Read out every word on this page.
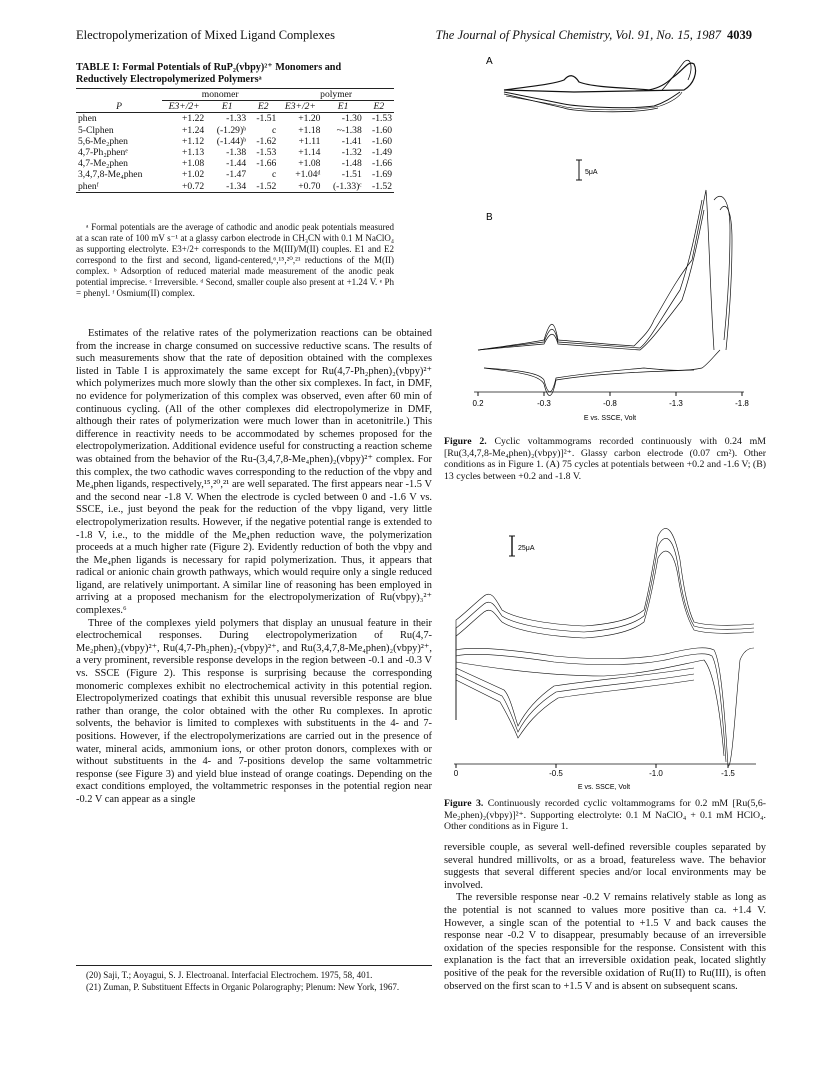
Electropolymerization of Mixed Ligand Complexes	The Journal of Physical Chemistry, Vol. 91, No. 15, 1987 4039
TABLE I: Formal Potentials of RuP₂(vbpy)²⁺ Monomers and Reductively Electropolymerized Polymersᵃ
	monomer			polymer		
P	E3+/2+	E1	E2	E3+/2+	E1	E2
phen	+1.22	-1.33	-1.51	+1.20	-1.30	-1.53
5-Clphen	+1.24	(-1.29)ᵇ	c	+1.18	~-1.38	-1.60
5,6-Me₂phen	+1.12	(-1.44)ᵇ	-1.62	+1.11	-1.41	-1.60
4,7-Ph₂phenᵉ	+1.13	-1.38	-1.53	+1.14	-1.32	-1.49
4,7-Me₂phen	+1.08	-1.44	-1.66	+1.08	-1.48	-1.66
3,4,7,8-Me₄phen	+1.02	-1.47	c	+1.04ᵈ	-1.51	-1.69
phenᶠ	+0.72	-1.34	-1.52	+0.70	(-1.33)ᶜ	-1.52
ᵃ Formal potentials are the average of cathodic and anodic peak potentials measured at a scan rate of 100 mV s⁻¹ at a glassy carbon electrode in CH₃CN with 0.1 M NaClO₄ as supporting electrolyte. E3+/2+ corresponds to the M(III)/M(II) couples. E1 and E2 correspond to the first and second, ligand-centered,⁶,¹⁵,²⁰,²¹ reductions of the M(II) complex. ᵇ Adsorption of reduced material made measurement of the anodic peak potential imprecise. ᶜ Irreversible. ᵈ Second, smaller couple also present at +1.24 V. ᵉ Ph = phenyl. ᶠ Osmium(II) complex.

Estimates of the relative rates of the polymerization reactions can be obtained from the increase in charge consumed on successive reductive scans. The results of such measurements show that the rate of deposition obtained with the complexes listed in Table I is approximately the same except for Ru(4,7-Ph₂phen)₂(vbpy)²⁺ which polymerizes much more slowly than the other six complexes. In fact, in DMF, no evidence for polymerization of this complex was observed, even after 60 min of continuous cycling. (All of the other complexes did electropolymerize in DMF, although their rates of polymerization were much lower than in acetonitrile.) This difference in reactivity needs to be accommodated by schemes proposed for the electropolymerization. Additional evidence useful for constructing a reaction scheme was obtained from the behavior of the Ru-(3,4,7,8-Me₄phen)₂(vbpy)²⁺ complex. For this complex, the two cathodic waves corresponding to the reduction of the vbpy and Me₄phen ligands, respectively,¹⁵,²⁰,²¹ are well separated. The first appears near -1.5 V and the second near -1.8 V. When the electrode is cycled between 0 and -1.6 V vs. SSCE, i.e., just beyond the peak for the reduction of the vbpy ligand, very little electropolymerization results. However, if the negative potential range is extended to -1.8 V, i.e., to the middle of the Me₄phen reduction wave, the polymerization proceeds at a much higher rate (Figure 2). Evidently reduction of both the vbpy and the Me₄phen ligands is necessary for rapid polymerization. Thus, it appears that radical or anionic chain growth pathways, which would require only a single reduced ligand, are relatively unimportant. A similar line of reasoning has been employed in arriving at a proposed mechanism for the electropolymerization of Ru(vbpy)₃²⁺ complexes.⁶

Three of the complexes yield polymers that display an unusual feature in their electrochemical responses. During electropolymerization of Ru(4,7-Me₂phen)₂(vbpy)²⁺, Ru(4,7-Ph₂phen)₂-(vbpy)²⁺, and Ru(3,4,7,8-Me₄phen)₂(vbpy)²⁺, a very prominent, reversible response develops in the region between -0.1 and -0.3 V vs. SSCE (Figure 2). This response is surprising because the corresponding monomeric complexes exhibit no electrochemical activity in this potential region. Electropolymerized coatings that exhibit this unusual reversible response are blue rather than orange, the color obtained with the other Ru complexes. In aprotic solvents, the behavior is limited to complexes with substituents in the 4- and 7-positions. However, if the electropolymerizations are carried out in the presence of water, mineral acids, ammonium ions, or other proton donors, complexes with or without substituents in the 4- and 7-positions develop the same voltammetric response (see Figure 3) and yield blue instead of orange coatings. Depending on the exact conditions employed, the voltammetric responses in the potential region near -0.2 V can appear as a single

(20) Saji, T.; Aoyagui, S. J. Electroanal. Interfacial Electrochem. 1975, 58, 401.

(21) Zuman, P. Substituent Effects in Organic Polarography; Plenum: New York, 1967.

A
5μA
B
0.2	-0.3	-0.8	-1.3	-1.8
E vs. SSCE, Volt
Figure 2. Cyclic voltammograms recorded continuously with 0.24 mM [Ru(3,4,7,8-Me₄phen)₂(vbpy)]²⁺. Glassy carbon electrode (0.07 cm²). Other conditions as in Figure 1. (A) 75 cycles at potentials between +0.2 and -1.6 V; (B) 13 cycles between +0.2 and -1.8 V.
25μA
0	-0.5	-1.0	-1.5
E vs. SSCE, Volt
Figure 3. Continuously recorded cyclic voltammograms for 0.2 mM [Ru(5,6-Me₂phen)₂(vbpy)]²⁺. Supporting electrolyte: 0.1 M NaClO₄ + 0.1 mM HClO₄. Other conditions as in Figure 1.

reversible couple, as several well-defined reversible couples separated by several hundred millivolts, or as a broad, featureless wave. The behavior suggests that several different species and/or local environments may be involved.

The reversible response near -0.2 V remains relatively stable as long as the potential is not scanned to values more positive than ca. +1.4 V. However, a single scan of the potential to +1.5 V and back causes the response near -0.2 V to disappear, presumably because of an irreversible oxidation of the species responsible for the response. Consistent with this explanation is the fact that an irreversible oxidation peak, located slightly positive of the peak for the reversible oxidation of Ru(II) to Ru(III), is often observed on the first scan to +1.5 V and is absent on subsequent scans.
